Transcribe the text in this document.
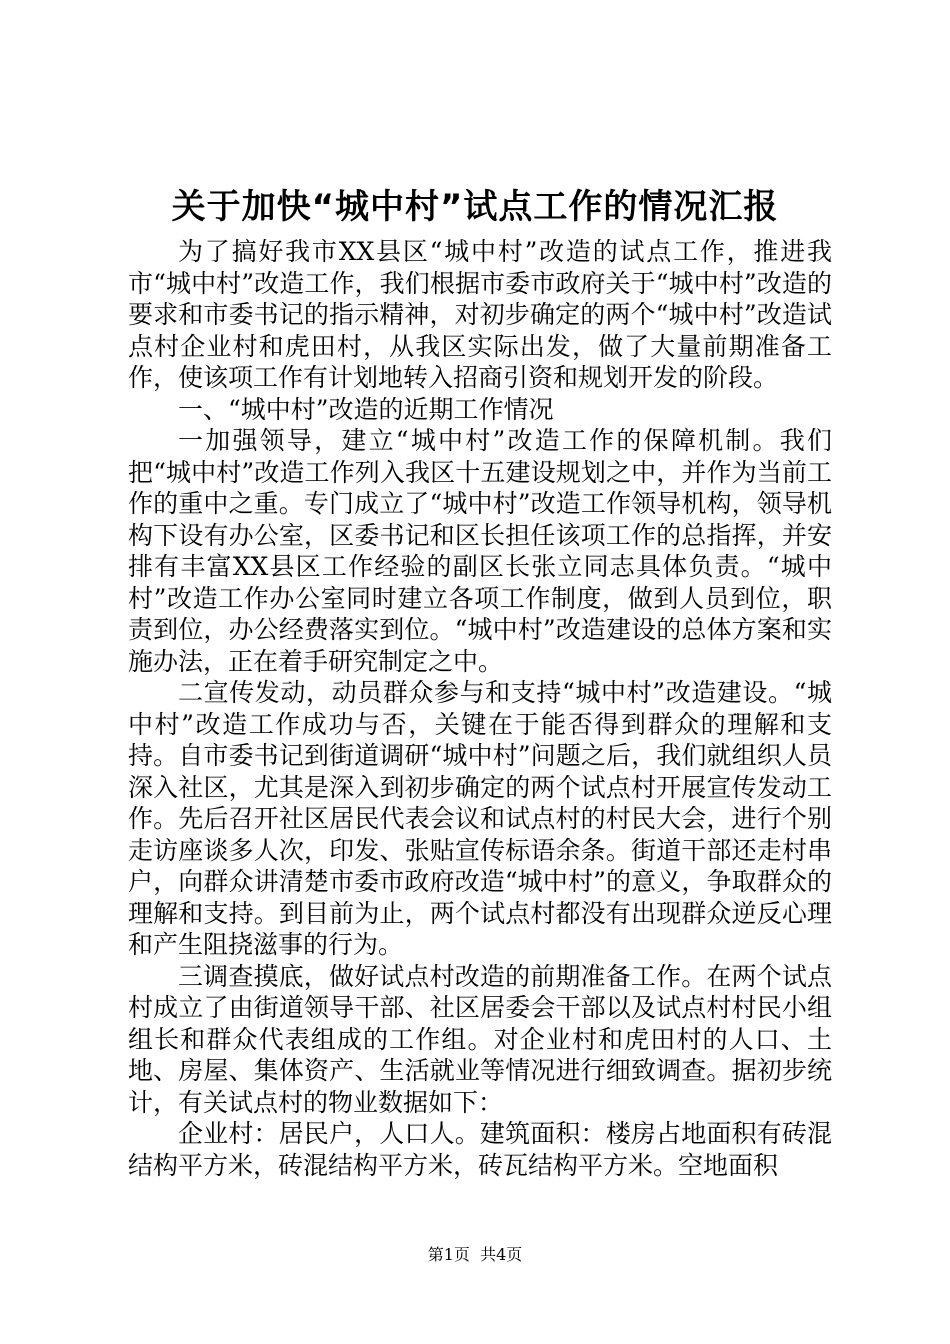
关于加快“城中村”试点工作的情况汇报

为了搞好我市XX县区“城中村”改造的试点工作，推进我市“城中村”改造工作，我们根据市委市政府关于“城中村”改造的要求和市委书记的指示精神，对初步确定的两个“城中村”改造试点村企业村和虎田村，从我区实际出发，做了大量前期准备工作，使该项工作有计划地转入招商引资和规划开发的阶段。

一、“城中村”改造的近期工作情况

一加强领导，建立“城中村”改造工作的保障机制。我们把“城中村”改造工作列入我区十五建设规划之中，并作为当前工作的重中之重。专门成立了“城中村”改造工作领导机构，领导机构下设有办公室，区委书记和区长担任该项工作的总指挥，并安排有丰富XX县区工作经验的副区长张立同志具体负责。“城中村”改造工作办公室同时建立各项工作制度，做到人员到位，职责到位，办公经费落实到位。“城中村”改造建设的总体方案和实施办法，正在着手研究制定之中。

二宣传发动，动员群众参与和支持“城中村”改造建设。“城中村”改造工作成功与否，关键在于能否得到群众的理解和支持。自市委书记到街道调研“城中村”问题之后，我们就组织人员深入社区，尤其是深入到初步确定的两个试点村开展宣传发动工作。先后召开社区居民代表会议和试点村的村民大会，进行个别走访座谈多人次，印发、张贴宣传标语余条。街道干部还走村串户，向群众讲清楚市委市政府改造“城中村”的意义，争取群众的理解和支持。到目前为止，两个试点村都没有出现群众逆反心理和产生阻挠滋事的行为。

三调查摸底，做好试点村改造的前期准备工作。在两个试点村成立了由街道领导干部、社区居委会干部以及试点村村民小组组长和群众代表组成的工作组。对企业村和虎田村的人口、土地、房屋、集体资产、生活就业等情况进行细致调查。据初步统计，有关试点村的物业数据如下：

企业村：居民户，人口人。建筑面积：楼房占地面积有砖混结构平方米，砖混结构平方米，砖瓦结构平方米。空地面积

第1页  共4页
